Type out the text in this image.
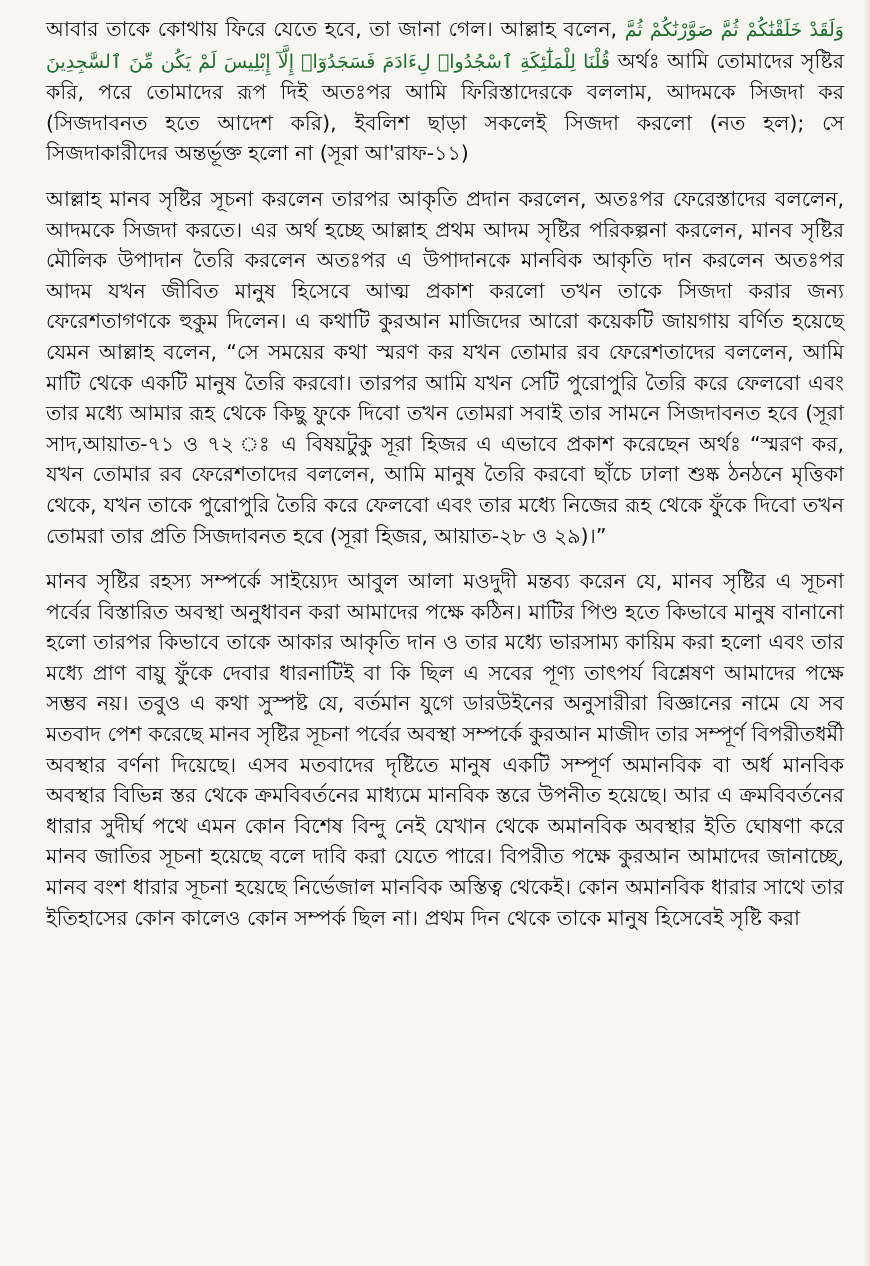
আবার তাকে কোথায় ফিরে যেতে হবে, তা জানা গেল। আল্লাহ বলেন, وَلَقَدْ خَلَقْنَٰكُمْ ثُمَّ صَوَّرْنَٰكُمْ ثُمَّ قُلْنَا لِلْمَلَٰٓئِكَةِ ٱسْجُدُوا۟ لِءَادَمَ فَسَجَدُوٓا۟ إِلَّآ إِبْلِيسَ لَمْ يَكُن مِّنَ ٱلسَّٰجِدِينَ অর্থঃ আমি তোমাদের সৃষ্টির করি, পরে তোমাদের রূপ দিই অতঃপর আমি ফিরিস্তাদেরকে বললাম, আদমকে সিজদা কর (সিজদাবনত হতে আদেশ করি), ইবলিশ ছাড়া সকলেই সিজদা করলো (নত হল); সে সিজদাকারীদের অন্তর্ভূক্ত হলো না (সূরা আ'রাফ-১১)

আল্লাহ মানব সৃষ্টির সূচনা করলেন তারপর আকৃতি প্রদান করলেন, অতঃপর ফেরেস্তাদের বললেন, আদমকে সিজদা করতে। এর অর্থ হচ্ছে আল্লাহ প্রথম আদম সৃষ্টির পরিকল্পনা করলেন, মানব সৃষ্টির মৌলিক উপাদান তৈরি করলেন অতঃপর এ উপাদানকে মানবিক আকৃতি দান করলেন অতঃপর আদম যখন জীবিত মানুষ হিসেবে আত্ম প্রকাশ করলো তখন তাকে সিজদা করার জন্য ফেরেশতাগণকে হুকুম দিলেন। এ কথাটি কুরআন মাজিদের আরো কয়েকটি জায়গায় বর্ণিত হয়েছে যেমন আল্লাহ বলেন, “সে সময়ের কথা স্মরণ কর যখন তোমার রব ফেরেশতাদের বললেন, আমি মাটি থেকে একটি মানুষ তৈরি করবো। তারপর আমি যখন সেটি পুরোপুরি তৈরি করে ফেলবো এবং তার মধ্যে আমার রূহ থেকে কিছু ফুকে দিবো তখন তোমরা সবাই তার সামনে সিজদাবনত হবে (সূরা সাদ,আয়াত-৭১ ও ৭২ ঃ এ বিষয়টুকু সূরা হিজর এ এভাবে প্রকাশ করেছেন অর্থঃ “স্মরণ কর, যখন তোমার রব ফেরেশতাদের বললেন, আমি মানুষ তৈরি করবো ছাঁচে ঢালা শুষ্ক ঠনঠনে মৃত্তিকা থেকে, যখন তাকে পুরোপুরি তৈরি করে ফেলবো এবং তার মধ্যে নিজের রূহ থেকে ফুঁকে দিবো তখন তোমরা তার প্রতি সিজদাবনত হবে (সূরা হিজর, আয়াত-২৮ ও ২৯)।”

মানব সৃষ্টির রহস্য সম্পর্কে সাইয়্যেদ আবুল আলা মওদুদী মন্তব্য করেন যে, মানব সৃষ্টির এ সূচনা পর্বের বিস্তারিত অবস্থা অনুধাবন করা আমাদের পক্ষে কঠিন। মাটির পিণ্ড হতে কিভাবে মানুষ বানানো হলো তারপর কিভাবে তাকে আকার আকৃতি দান ও তার মধ্যে ভারসাম্য কায়িম করা হলো এবং তার মধ্যে প্রাণ বায়ু ফুঁকে দেবার ধারনাটিই বা কি ছিল এ সবের পূণ্য তাৎপর্য বিশ্লেষণ আমাদের পক্ষে সম্ভব নয়। তবুও এ কথা সুস্পষ্ট যে, বর্তমান যুগে ডারউইনের অনুসারীরা বিজ্ঞানের নামে যে সব মতবাদ পেশ করেছে মানব সৃষ্টির সূচনা পর্বের অবস্থা সম্পর্কে কুরআন মাজীদ তার সম্পূর্ণ বিপরীতধর্মী অবস্থার বর্ণনা দিয়েছে। এসব মতবাদের দৃষ্টিতে মানুষ একটি সম্পূর্ণ অমানবিক বা অর্ধ মানবিক অবস্থার বিভিন্ন স্তর থেকে ক্রমবিবর্তনের মাধ্যমে মানবিক স্তরে উপনীত হয়েছে। আর এ ক্রমবিবর্তনের ধারার সুদীর্ঘ পথে এমন কোন বিশেষ বিন্দু নেই যেখান থেকে অমানবিক অবস্থার ইতি ঘোষণা করে মানব জাতির সূচনা হয়েছে বলে দাবি করা যেতে পারে। বিপরীত পক্ষে কুরআন আমাদের জানাচ্ছে, মানব বংশ ধারার সূচনা হয়েছে নির্ভেজাল মানবিক অস্তিত্ব থেকেই। কোন অমানবিক ধারার সাথে তার ইতিহাসের কোন কালেও কোন সম্পর্ক ছিল না। প্রথম দিন থেকে তাকে মানুষ হিসেবেই সৃষ্টি করা
